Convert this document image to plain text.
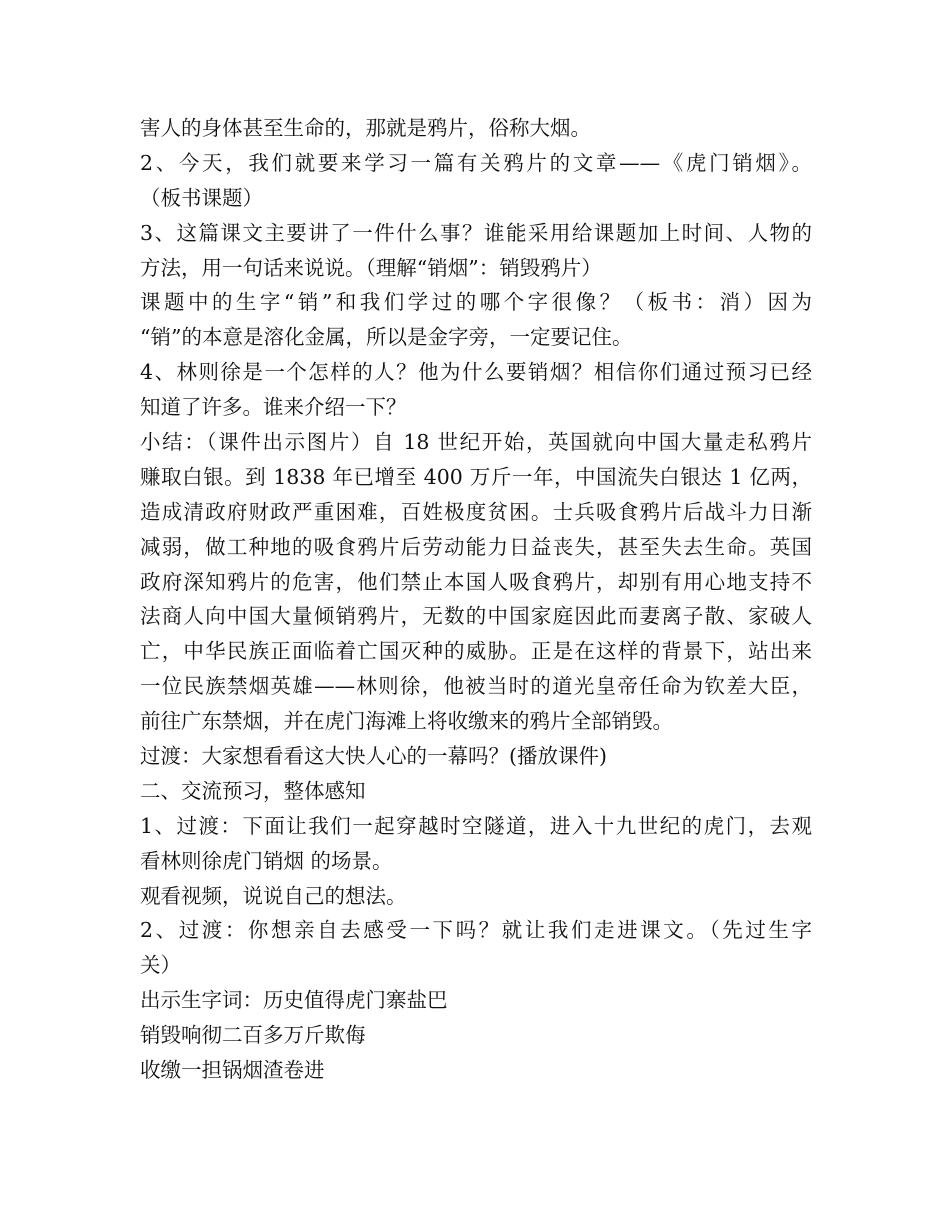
害人的身体甚至生命的，那就是鸦片，俗称大烟。
2、今天，我们就要来学习一篇有关鸦片的文章——《虎门销烟》。
（板书课题）
3、这篇课文主要讲了一件什么事？谁能采用给课题加上时间、人物的
方法，用一句话来说说。（理解“销烟”：销毁鸦片）
课题中的生字“销”和我们学过的哪个字很像？（板书：消）因为
“销”的本意是溶化金属，所以是金字旁，一定要记住。
4、林则徐是一个怎样的人？他为什么要销烟？相信你们通过预习已经
知道了许多。谁来介绍一下？
小结：（课件出示图片）自 18 世纪开始，英国就向中国大量走私鸦片
赚取白银。到 1838 年已增至 400 万斤一年，中国流失白银达 1 亿两，
造成清政府财政严重困难，百姓极度贫困。士兵吸食鸦片后战斗力日渐
减弱，做工种地的吸食鸦片后劳动能力日益丧失，甚至失去生命。英国
政府深知鸦片的危害，他们禁止本国人吸食鸦片，却别有用心地支持不
法商人向中国大量倾销鸦片，无数的中国家庭因此而妻离子散、家破人
亡，中华民族正面临着亡国灭种的威胁。正是在这样的背景下，站出来
一位民族禁烟英雄——林则徐，他被当时的道光皇帝任命为钦差大臣，
前往广东禁烟，并在虎门海滩上将收缴来的鸦片全部销毁。
过渡：大家想看看这大快人心的一幕吗？(播放课件)
二、交流预习，整体感知
1、过渡：下面让我们一起穿越时空隧道，进入十九世纪的虎门，去观
看林则徐虎门销烟 的场景。
观看视频，说说自己的想法。
2、过渡：你想亲自去感受一下吗？就让我们走进课文。（先过生字
关）
出示生字词：历史值得虎门寨盐巴
销毁响彻二百多万斤欺侮
收缴一担锅烟渣卷进
